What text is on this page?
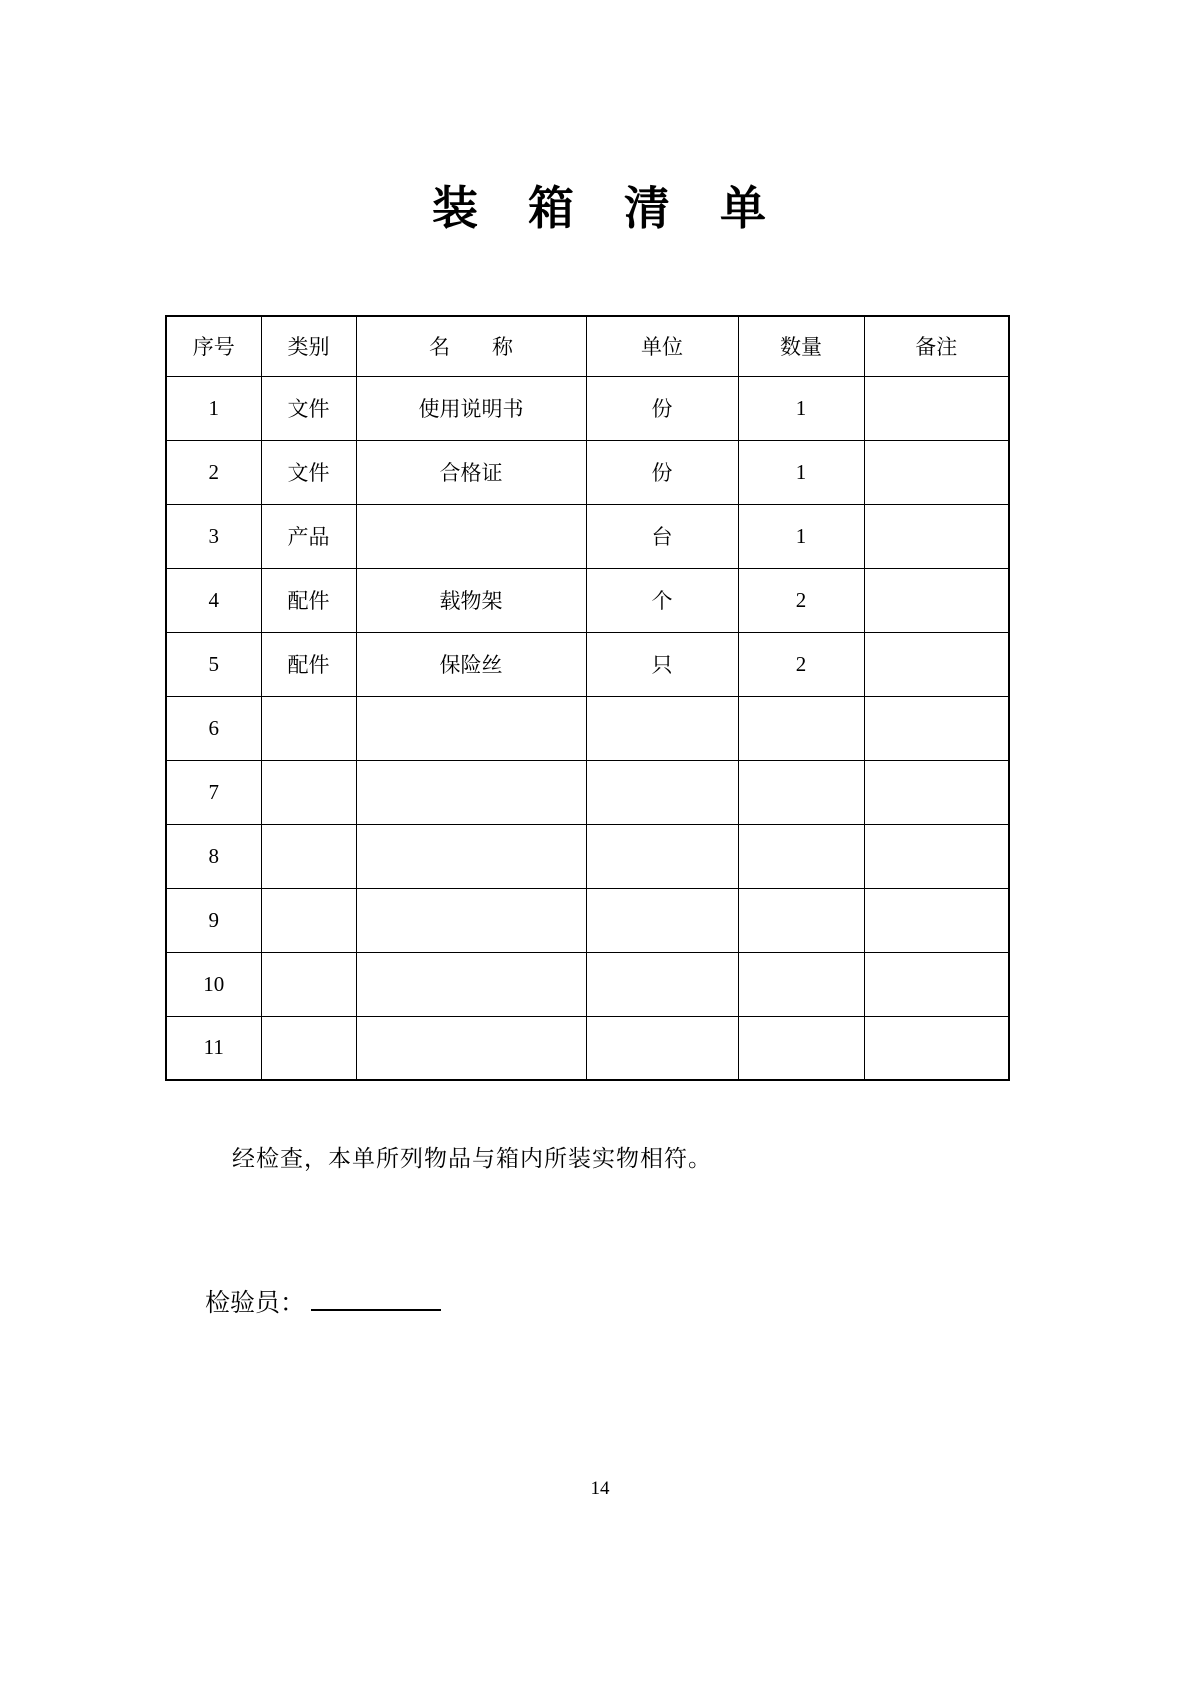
装　箱　清　单
序号	类别	名　　称	单位	数量	备注
1	文件	使用说明书	份	1	
2	文件	合格证	份	1	
3	产品		台	1	
4	配件	载物架	个	2	
5	配件	保险丝	只	2	
6					
7					
8					
9					
10					
11					

经检查，本单所列物品与箱内所装实物相符。

检验员：
14
